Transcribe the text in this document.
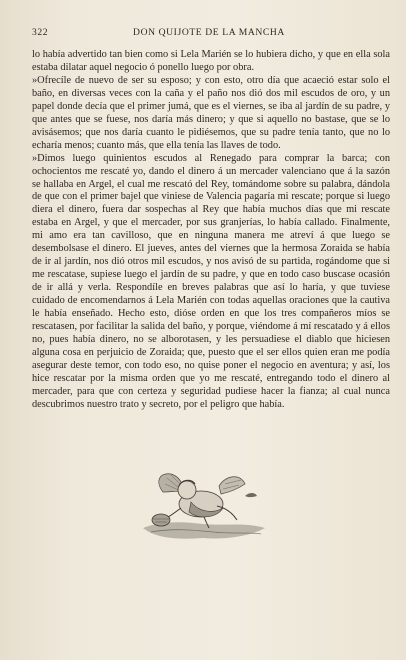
322	DON QUIJOTE DE LA MANCHA

lo había advertido tan bien como si Lela Marién se lo hubiera dicho, y que en ella sola estaba dilatar aquel negocio ó ponello luego por obra.

»Ofrecíle de nuevo de ser su esposo; y con esto, otro día que acaeció estar solo el baño, en diversas veces con la caña y el paño nos dió dos mil escudos de oro, y un papel donde decía que el primer jumá, que es el viernes, se iba al jardín de su padre, y que antes que se fuese, nos daría más dinero; y que si aquello no bastase, que se lo avisásemos; que nos daría cuanto le pidiésemos, que su padre tenía tanto, que no lo echaría menos; cuanto más, que ella tenía las llaves de todo.

»Dimos luego quinientos escudos al Renegado para comprar la barca; con ochocientos me rescaté yo, dando el dinero á un mercader valenciano que á la sazón se hallaba en Argel, el cual me rescató del Rey, tomándome sobre su palabra, dándola de que con el primer bajel que viniese de Valencia pagaría mi rescate; porque si luego diera el dinero, fuera dar sospechas al Rey que había muchos días que mi rescate estaba en Argel, y que el mercader, por sus granjerías, lo había callado. Finalmente, mi amo era tan cavilloso, que en ninguna manera me atreví á que luego se desembolsase el dinero. El jueves, antes del viernes que la hermosa Zoraida se había de ir al jardín, nos dió otros mil escudos, y nos avisó de su partida, rogándome que si me rescatase, supiese luego el jardín de su padre, y que en todo caso buscase ocasión de ir allá y verla. Respondíle en breves palabras que así lo haría, y que tuviese cuidado de encomendarnos á Lela Marién con todas aquellas oraciones que la cautiva le había enseñado. Hecho esto, dióse orden en que los tres compañeros míos se rescatasen, por facilitar la salida del baño, y porque, viéndome á mí rescatado y á ellos no, pues había dinero, no se alborotasen, y les persuadiese el diablo que hiciesen alguna cosa en perjuicio de Zoraida; que, puesto que el ser ellos quien eran me podía asegurar deste temor, con todo eso, no quise poner el negocio en aventura; y así, los hice rescatar por la misma orden que yo me rescaté, entregando todo el dinero al mercader, para que con certeza y seguridad pudiese hacer la fianza; al cual nunca descubrimos nuestro trato y secreto, por el peligro que había.
